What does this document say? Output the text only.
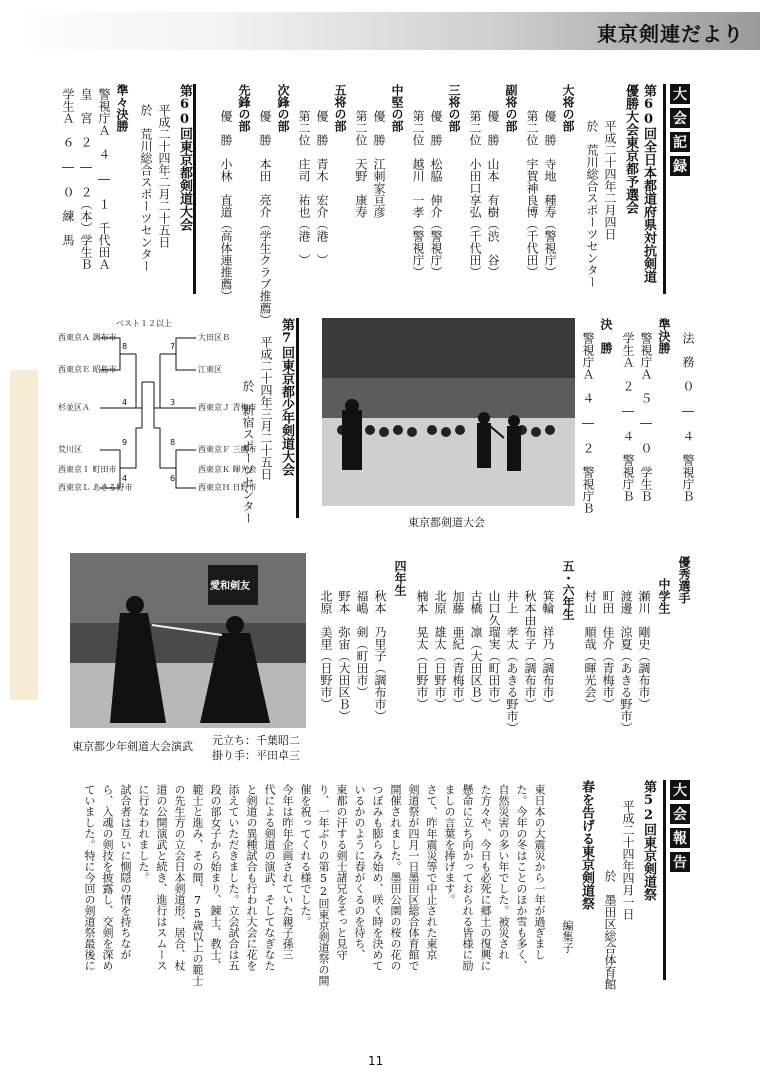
東京剣連だより
大
会
記
録
第60回全日本都道府県対抗剣道
優勝大会東京都予選会
平成二十四年二月四日
於　荒川総合スポーツセンター
大将の部
優　勝　寺地　種寿（警視庁）
第二位　宇賀神良博（千代田）
副将の部
優　勝　山本　有樹（渋　谷）
第二位　小田口享弘（千代田）
三将の部
優　勝　松脇　伸介（警視庁）
第二位　越川　一孝（警視庁）
中堅の部
優　勝　江刺家亘彦
第二位　天野　康寿
五将の部
優　勝　青木　宏介（港　）
第二位　庄司　祐也（港　）
次鋒の部
優　勝　本田　亮介（学生クラブ推薦）
先鋒の部
優　勝　小林　直道（高体連推薦）
第60回東京都剣道大会
平成二十四年二月二十五日
於　荒川総合スポーツセンター
準々決勝
警視庁Ａ　４　―　１　千代田Ａ
皇　宮　２　―　２（本）学生Ｂ
学生Ａ　６　―　０　練　馬
法　務　０　―　４　警視庁Ｂ
準決勝
警視庁Ａ　５　―　０　学生Ｂ
学生Ａ　２　―　４　警視庁Ｂ
決　勝
警視庁Ａ　４　―　２　警視庁Ｂ
東京都剣道大会
第7回東京都少年剣道大会
平成二十四年三月二十五日
於　新宿スポーツセンター
ベスト１２以上
西東京Ａ 調布市
西東京Ｅ 昭島市
杉並区Ａ
荒川区
西東京Ｉ 町田市
西東京Ｌ あきる野市
大田区Ｂ
江東区
西東京Ｊ 青梅市
西東京Ｆ 三鷹市
西東京Ｋ 暉光会
西東京Ｈ 日野市
8
4
9
4
7
3
8
6
愛和剣友
東京都少年剣道大会演武 元立ち：千葉昭二
掛り手：平田卓三
優秀選手
中学生
瀬川　剛史（調布市）
渡邊　涼夏（あきる野市）
町田　佳介（青梅市）
村山　順哉（暉光会）
五・六年生
箕輪　祥乃（調布市）
秋本由布子（調布市）
井上　孝太（あきる野市）
山口久瑠実（町田市）
古橋　凛（大田区Ｂ）
加藤　亜紀（青梅市）
北原　雄太（日野市）
楠本　晃太（日野市）
四年生
秋本　乃里子（調布市）
福嶋　剣（町田市）
野本　弥宙（大田区Ｂ）
北原　美里（日野市）
大
会
報
告
第52回東京剣道祭
平成二十四年四月一日
於　墨田区総合体育館
春を告げる東京剣道祭
編集子
東日本の大震災から一年が過ぎまし
た。今年の冬はことのほか雪も多く、
自然災害の多い年でした。被災され
た方々や、今日も必死に郷土の復興に
懸命に立ち向かっておられる皆様に励
ましの言葉を捧げます。
さて、昨年震災等で中止された東京
剣道祭が四月一日墨田区総合体育館で
開催されました。墨田公園の桜の花の
つぼみも膨らみ始め、咲く時を決めて
いるかのように春がくるのを待ち、
東都の汗する剣士諸兄をそっと見守
り、一年ぶりの第52回東京剣道祭の開
催を祝ってくれる様でした。
今年は昨年企画されていた親子孫三
代による剣道の演武、そしてなぎなた
と剣道の異種試合も行われ大会に花を
添えていただきました。立会試合は五
段の部女子から始まり、錬士、教士、
範士と進み、その間、75歳以上の範士
の先生方の立会日本剣道形、居合、杖
道の公開演武と続き、進行はスムース
に行なわれました。
試合者は互いに惻隠の情を持ちなが
ら、入魂の剣技を披露し、交剣を深め
ていました。特に今回の剣道祭最後に
11
